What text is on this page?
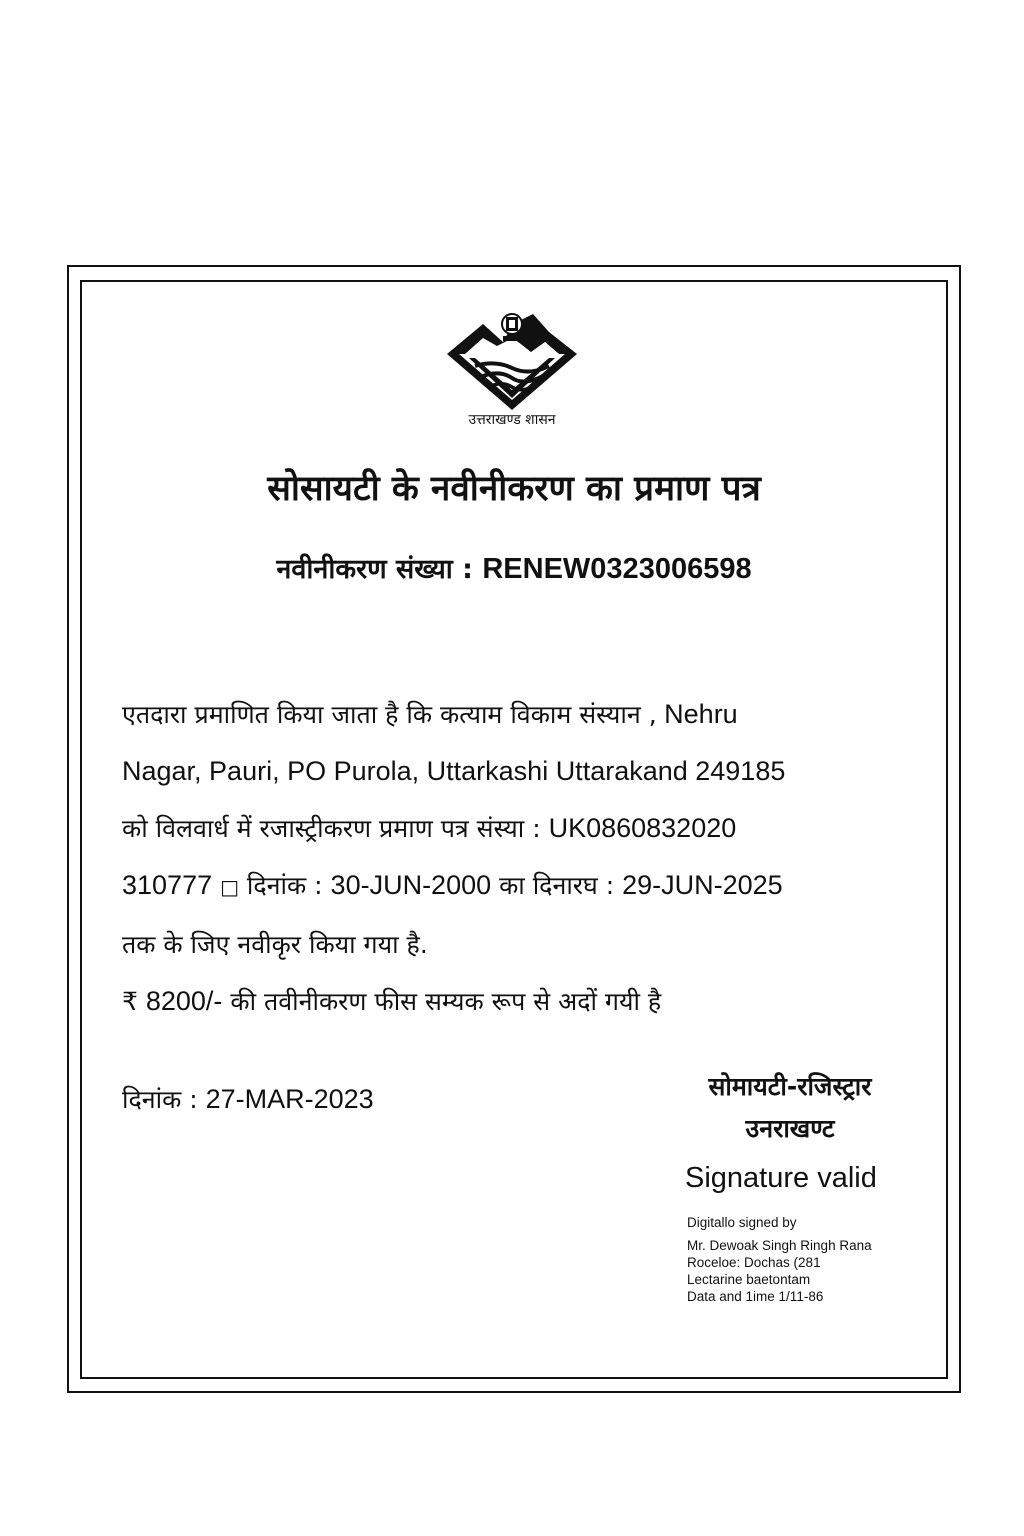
उत्तराखण्ड शासन
सोसायटी के नवीनीकरण का प्रमाण पत्र
नवीनीकरण संख्या : RENEW0323006598
एतदारा प्रमाणित किया जाता है कि कत्याम विकाम संस्यान , Nehru
Nagar, Pauri, PO Purola, Uttarkashi Uttarakand 249185
को विलवार्ध में रजास्ट्रीकरण प्रमाण पत्र संस्या : UK0860832020
310777 □ दिनांक : 30-JUN-2000 का दिनारघ : 29-JUN-2025
तक के जिए नवीकृर किया गया है.
₹ 8200/- की तवीनीकरण फीस सम्यक रूप से अदों गयी है
दिनांक : 27-MAR-2023	सोमायटी-रजिस्ट्रार
उनराखण्ट
Signature valid
Digitallo signed by
Mr. Dewoak Singh Ringh Rana
Roceloe: Dochas (281
Lectarine baetontam
Data and 1ime 1/11-86
